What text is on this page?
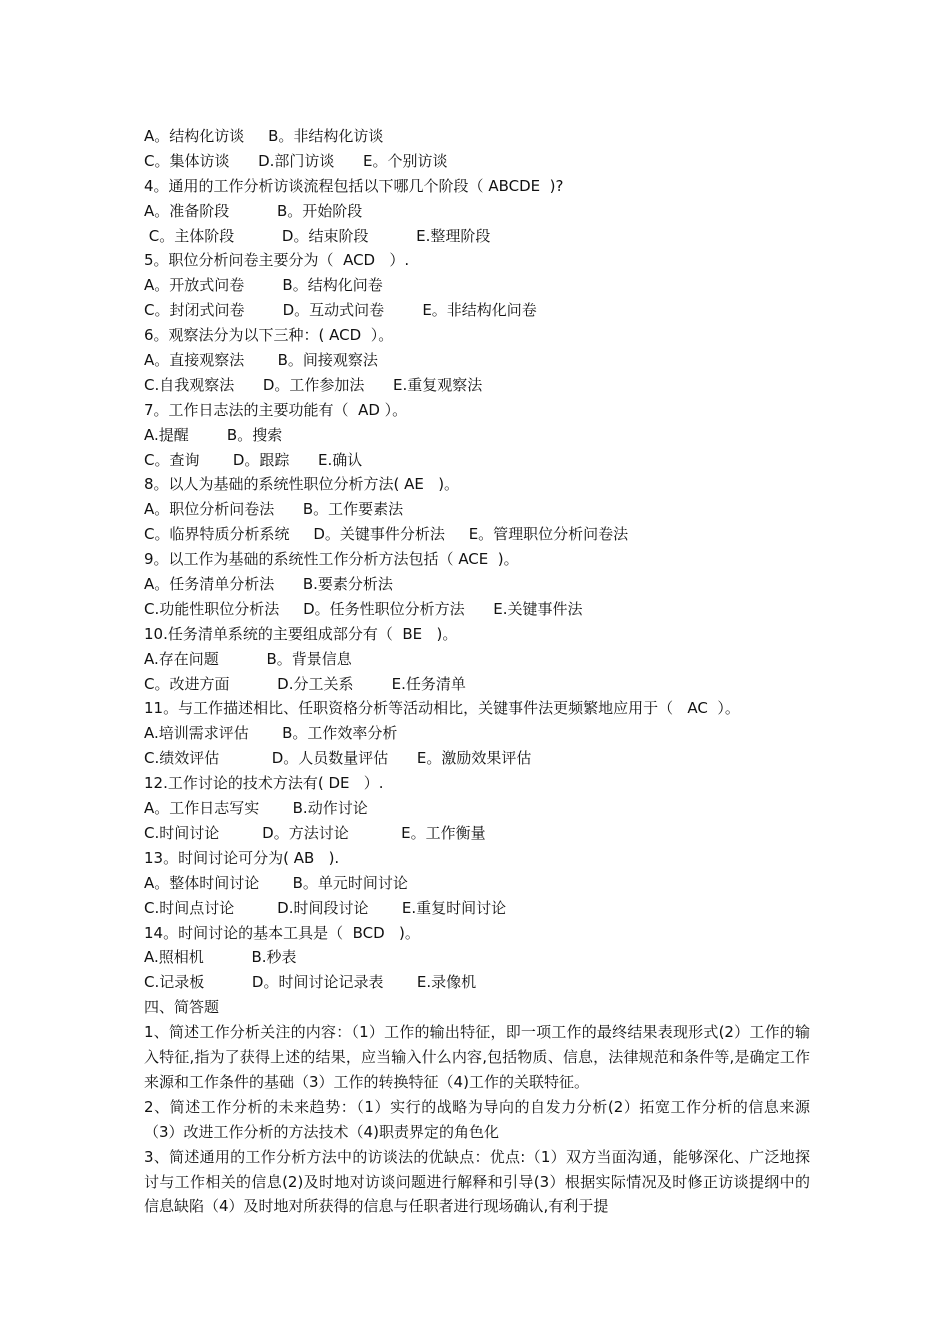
A。结构化访谈     B。非结构化访谈
C。集体访谈      D.部门访谈      E。个别访谈
4。通用的工作分析访谈流程包括以下哪几个阶段（ ABCDE  )?
A。准备阶段          B。开始阶段
C。主体阶段          D。结束阶段          E.整理阶段
5。职位分析问卷主要分为（  ACD   ）.
A。开放式问卷        B。结构化问卷
C。封闭式问卷        D。互动式问卷        E。非结构化问卷
6。观察法分为以下三种：( ACD  ）。
A。直接观察法       B。间接观察法
C.自我观察法      D。工作参加法      E.重复观察法
7。工作日志法的主要功能有（  AD ）。
A.提醒        B。搜索
C。查询       D。跟踪      E.确认
8。以人为基础的系统性职位分析方法( AE   )。
A。职位分析问卷法      B。工作要素法
C。临界特质分析系统     D。关键事件分析法     E。管理职位分析问卷法
9。以工作为基础的系统性工作分析方法包括（ ACE  )。
A。任务清单分析法      B.要素分析法
C.功能性职位分析法     D。任务性职位分析方法      E.关键事件法
10.任务清单系统的主要组成部分有（  BE   )。
A.存在问题          B。背景信息
C。改进方面          D.分工关系        E.任务清单
11。与工作描述相比、任职资格分析等活动相比，关键事件法更频繁地应用于（   AC  ）。
A.培训需求评估       B。工作效率分析
C.绩效评估           D。人员数量评估      E。激励效果评估
12.工作讨论的技术方法有( DE   ）.
A。工作日志写实       B.动作讨论
C.时间讨论         D。方法讨论           E。工作衡量
13。时间讨论可分为( AB   ).
A。整体时间讨论       B。单元时间讨论
C.时间点讨论         D.时间段讨论       E.重复时间讨论
14。时间讨论的基本工具是（  BCD   )。
A.照相机          B.秒表
C.记录板          D。时间讨论记录表       E.录像机
四、简答题

1、简述工作分析关注的内容：（1）工作的输出特征，即一项工作的最终结果表现形式(2）工作的输入特征,指为了获得上述的结果，应当输入什么内容,包括物质、信息，法律规范和条件等,是确定工作来源和工作条件的基础（3）工作的转换特征（4)工作的关联特征。

2、简述工作分析的未来趋势：（1）实行的战略为导向的自发力分析(2）拓宽工作分析的信息来源（3）改进工作分析的方法技术（4)职责界定的角色化

3、简述通用的工作分析方法中的访谈法的优缺点：优点:（1）双方当面沟通，能够深化、广泛地探讨与工作相关的信息(2)及时地对访谈问题进行解释和引导(3）根据实际情况及时修正访谈提纲中的信息缺陷（4）及时地对所获得的信息与任职者进行现场确认,有利于提
